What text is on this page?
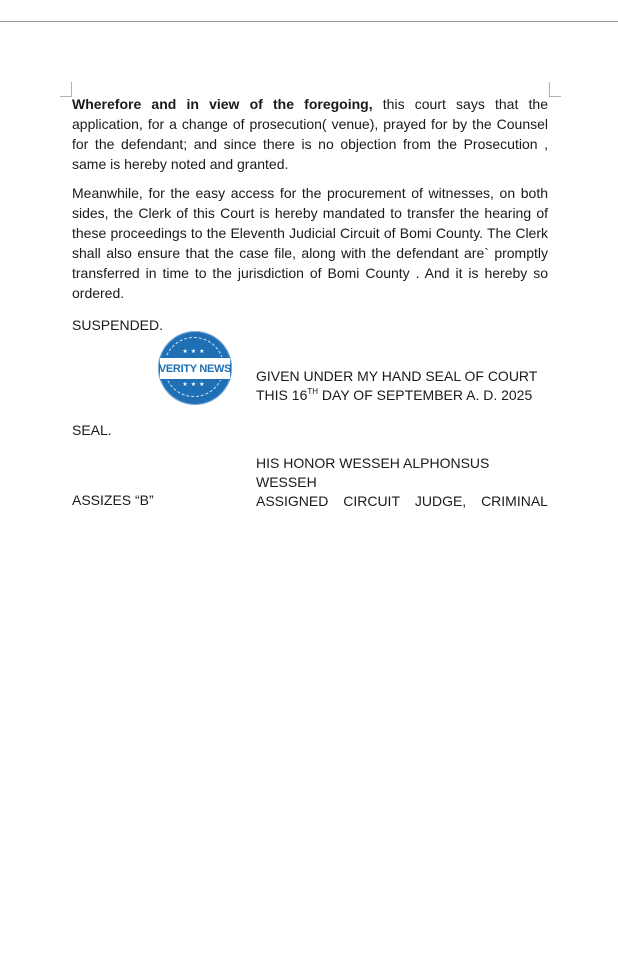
Wherefore and in view of the foregoing, this court says that the application, for a change of prosecution( venue), prayed for by the Counsel for the defendant; and since there is no objection from the Prosecution , same is hereby noted and granted.

Meanwhile, for the easy access for the procurement of witnesses, on both sides, the Clerk of this Court is hereby mandated to transfer the hearing of these proceedings to the Eleventh Judicial Circuit of Bomi County. The Clerk shall also ensure that the case file, along with the defendant are` promptly transferred in time to the jurisdiction of Bomi County . And it is hereby so ordered.

SUSPENDED.
★★★
VERITY NEWS
★★★
GIVEN UNDER MY HAND SEAL OF COURT
THIS 16TH DAY OF SEPTEMBER A. D. 2025
SEAL.
HIS HONOR WESSEH ALPHONSUS WESSEH
ASSIGNED CIRCUIT JUDGE, CRIMINAL
ASSIZES “B”
